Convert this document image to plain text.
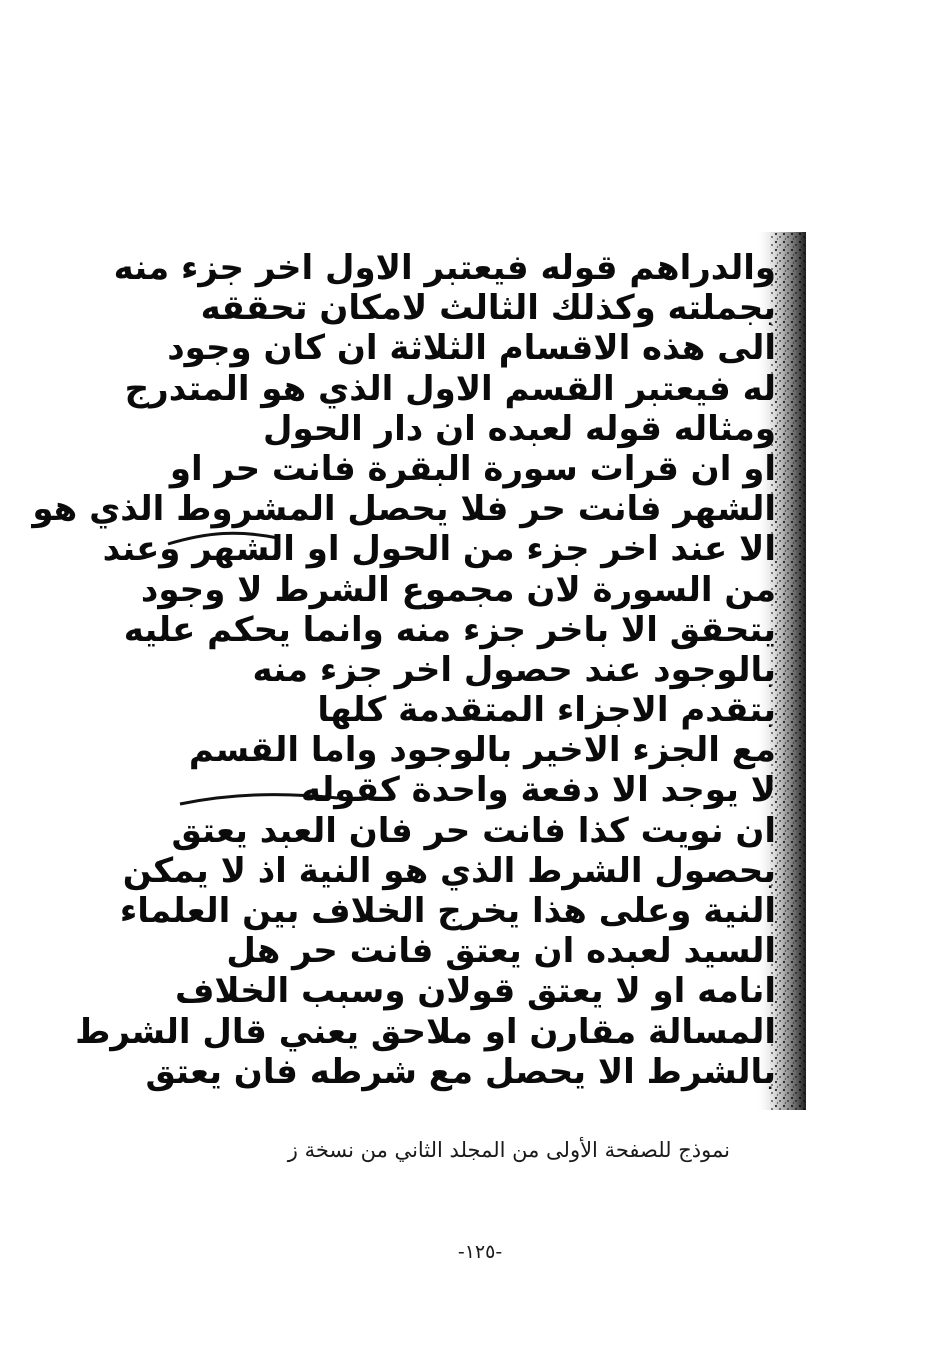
والدراهم قوله فيعتبر الاول اخر جزء منه
بجملته وكذلك الثالث لامكان تحققه
الى هذه الاقسام الثلاثة ان كان وجود
له فيعتبر القسم الاول الذي هو المتدرج
ومثاله قوله لعبده ان دار الحول
او ان قرات سورة البقرة فانت حر او
الشهر فانت حر فلا يحصل المشروط الذي هو
الا عند اخر جزء من الحول او الشهر وعند
من السورة لان مجموع الشرط لا وجود
يتحقق الا باخر جزء منه وانما يحكم عليه
بالوجود عند حصول اخر جزء منه
بتقدم الاجزاء المتقدمة كلها
مع الجزء الاخير بالوجود واما القسم
لا يوجد الا دفعة واحدة كقوله
ان نويت كذا فانت حر فان العبد يعتق
بحصول الشرط الذي هو النية اذ لا يمكن
النية وعلى هذا يخرج الخلاف بين العلماء
السيد لعبده ان يعتق فانت حر هل
انامه او لا يعتق قولان وسبب الخلاف
المسالة مقارن او ملاحق يعني قال الشرط
بالشرط الا يحصل مع شرطه فان يعتق
نموذج للصفحة الأولى من المجلد الثاني من نسخة ز
-١٢٥-
